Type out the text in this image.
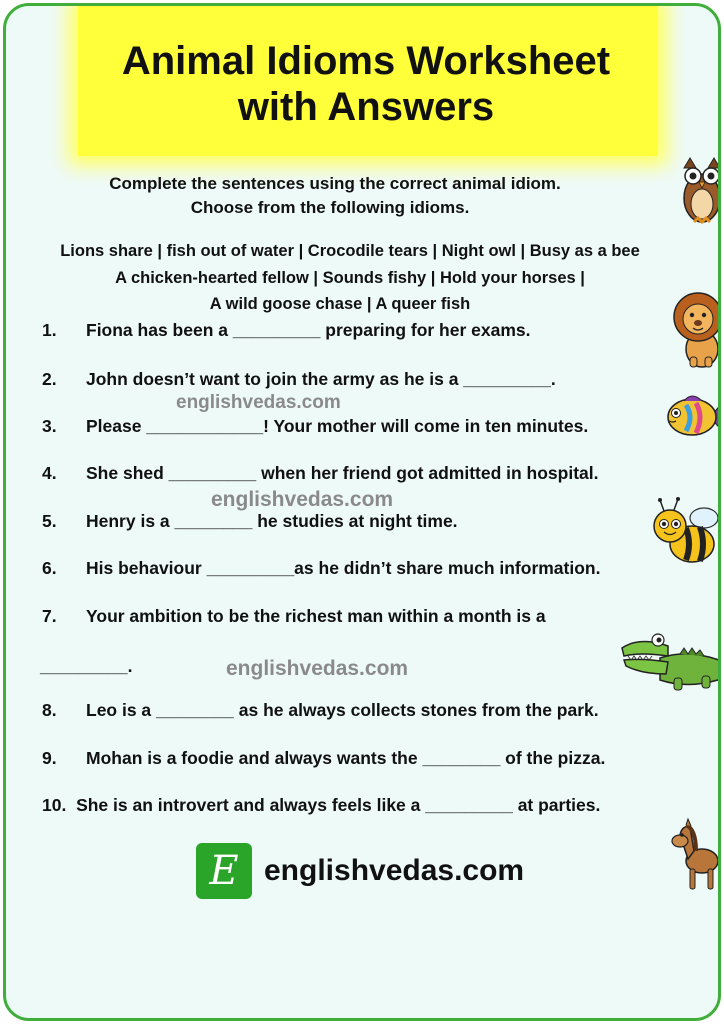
Animal Idioms Worksheet
with Answers
Complete the sentences using the correct animal idiom.
Choose from the following idioms.
Lions share | fish out of water | Crocodile tears | Night owl | Busy as a bee
A chicken-hearted fellow | Sounds fishy | Hold your horses |
A wild goose chase | A queer fish
1. Fiona has been a _________ preparing for her exams.
2. John doesn’t want to join the army as he is a _________.
3. Please ____________! Your mother will come in ten minutes.
4. She shed _________ when her friend got admitted in hospital.
5. Henry is a ________ he studies at night time.
6. His behaviour _________as he didn’t share much information.
7. Your ambition to be the richest man within a month is a
_________.
8. Leo is a ________ as he always collects stones from the park.
9. Mohan is a foodie and always wants the ________ of the pizza.
10. She is an introvert and always feels like a _________ at parties.
englishvedas.com
englishvedas.com
englishvedas.com
E englishvedas.com
